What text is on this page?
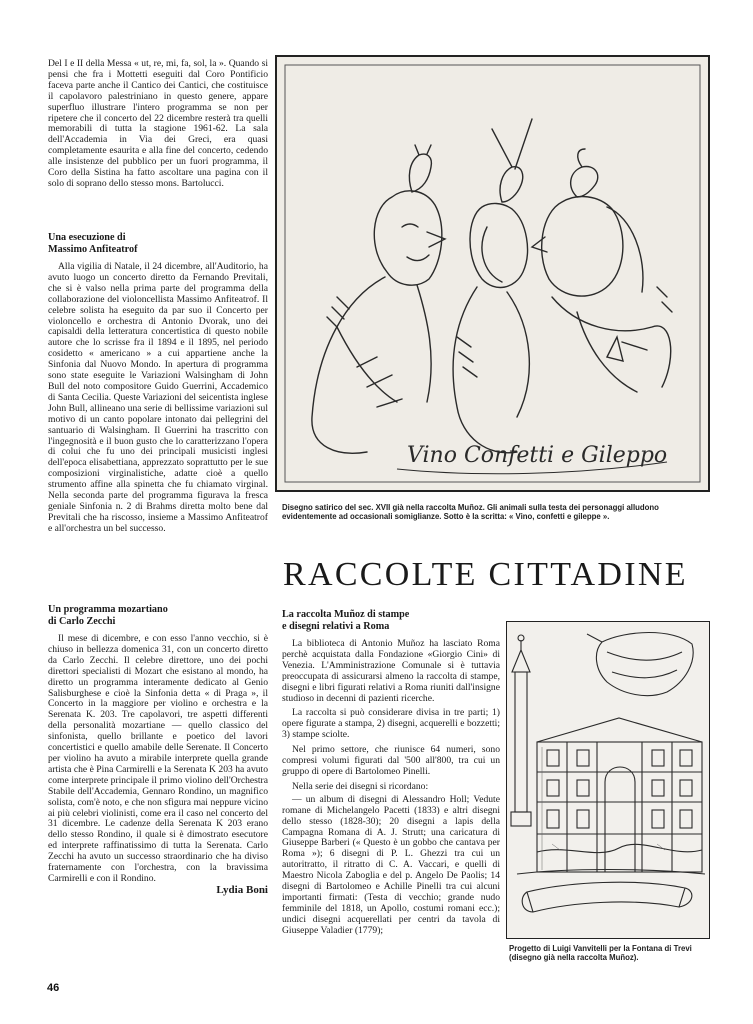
Del I e II della Messa « ut, re, mi, fa, sol, la ». Quando si pensi che fra i Mottetti eseguiti dal Coro Pontificio faceva parte anche il Cantico dei Cantici, che costituisce il capolavoro palestriniano in questo genere, appare superfluo illustrare l'intero programma se non per ripetere che il concerto del 22 dicembre resterà tra quelli memorabili di tutta la stagione 1961-62. La sala dell'Accademia in Via dei Greci, era quasi completamente esaurita e alla fine del concerto, cedendo alle insistenze del pubblico per un fuori programma, il Coro della Sistina ha fatto ascoltare una pagina con il solo di soprano dello stesso mons. Bartolucci.

Una esecuzione di
Massimo Anfiteatrof

Alla vigilia di Natale, il 24 dicembre, all'Auditorio, ha avuto luogo un concerto diretto da Fernando Previtali, che si è valso nella prima parte del programma della collaborazione del violoncellista Massimo Anfiteatrof. Il celebre solista ha eseguito da par suo il Concerto per violoncello e orchestra di Antonio Dvorak, uno dei capisaldi della letteratura concertistica di questo nobile autore che lo scrisse fra il 1894 e il 1895, nel periodo cosidetto « americano » a cui appartiene anche la Sinfonia dal Nuovo Mondo. In apertura di programma sono state eseguite le Variazioni Walsingham di John Bull del noto compositore Guido Guerrini, Accademico di Santa Cecilia. Queste Variazioni del seicentista inglese John Bull, allineano una serie di bellissime variazioni sul motivo di un canto popolare intonato dai pellegrini del santuario di Walsingham. Il Guerrini ha trascritto con l'ingegnosità e il buon gusto che lo caratterizzano l'opera di colui che fu uno dei principali musicisti inglesi dell'epoca elisabettiana, apprezzato soprattutto per le sue composizioni virginalistiche, adatte cioè a quello strumento affine alla spinetta che fu chiamato virginal. Nella seconda parte del programma figurava la fresca geniale Sinfonia n. 2 di Brahms diretta molto bene dal Previtali che ha riscosso, insieme a Massimo Anfiteatrof e all'orchestra un bel successo.

Un programma mozartiano
di Carlo Zecchi

Il mese di dicembre, e con esso l'anno vecchio, si è chiuso in bellezza domenica 31, con un concerto diretto da Carlo Zecchi. Il celebre direttore, uno dei pochi direttori specialisti di Mozart che esistano al mondo, ha diretto un programma interamente dedicato al Genio Salisburghese e cioè la Sinfonia detta « di Praga », il Concerto in la maggiore per violino e orchestra e la Serenata K. 203. Tre capolavori, tre aspetti differenti della personalità mozartiane — quello classico del sinfonista, quello brillante e poetico del lavori concertistici e quello amabile delle Serenate. Il Concerto per violino ha avuto a mirabile interprete quella grande artista che è Pina Carmirelli e la Serenata K 203 ha avuto come interprete principale il primo violino dell'Orchestra Stabile dell'Accademia, Gennaro Rondino, un magnifico solista, com'è noto, e che non sfigura mai neppure vicino ai più celebri violinisti, come era il caso nel concerto del 31 dicembre. Le cadenze della Serenata K 203 erano dello stesso Rondino, il quale si è dimostrato esecutore ed interprete raffinatissimo di tutta la Serenata. Carlo Zecchi ha avuto un successo straordinario che ha diviso fraternamente con l'orchestra, con la bravissima Carmirelli e con il Rondino.

Lydia Boni

Vino Confetti e Gileppo
Disegno satirico del sec. XVII già nella raccolta Muñoz. Gli animali sulla testa dei personaggi alludono evidentemente ad occasionali somiglianze. Sotto è la scritta: « Vino, confetti e gileppe ».
RACCOLTE CITTADINE
La raccolta Muñoz di stampe
e disegni relativi a Roma

La biblioteca di Antonio Muñoz ha lasciato Roma perchè acquistata dalla Fondazione «Giorgio Cini» di Venezia. L'Amministrazione Comunale si è tuttavia preoccupata di assicurarsi almeno la raccolta di stampe, disegni e libri figurati relativi a Roma riuniti dall'insigne studioso in decenni di pazienti ricerche.

La raccolta si può considerare divisa in tre parti; 1) opere figurate a stampa, 2) disegni, acquerelli e bozzetti; 3) stampe sciolte.

Nel primo settore, che riunisce 64 numeri, sono compresi volumi figurati dal '500 all'800, tra cui un gruppo di opere di Bartolomeo Pinelli.

Nella serie dei disegni si ricordano:

— un album di disegni di Alessandro Holl; Vedute romane di Michelangelo Pacetti (1833) e altri disegni dello stesso (1828-30); 20 disegni a lapis della Campagna Romana di A. J. Strutt; una caricatura di Giuseppe Barberi (« Questo è un gobbo che cantava per Roma »); 6 disegni di P. L. Ghezzi tra cui un autoritratto, il ritratto di C. A. Vaccari, e quelli di Maestro Nicola Zaboglia e del p. Angelo De Paolis; 14 disegni di Bartolomeo e Achille Pinelli tra cui alcuni importanti firmati: (Testa di vecchio; grande nudo femminile del 1818, un Apollo, costumi romani ecc.); undici disegni acquerellati per centri da tavola di Giuseppe Valadier (1779);

Progetto di Luigi Vanvitelli per la Fontana di Trevi (disegno già nella raccolta Muñoz).
46
